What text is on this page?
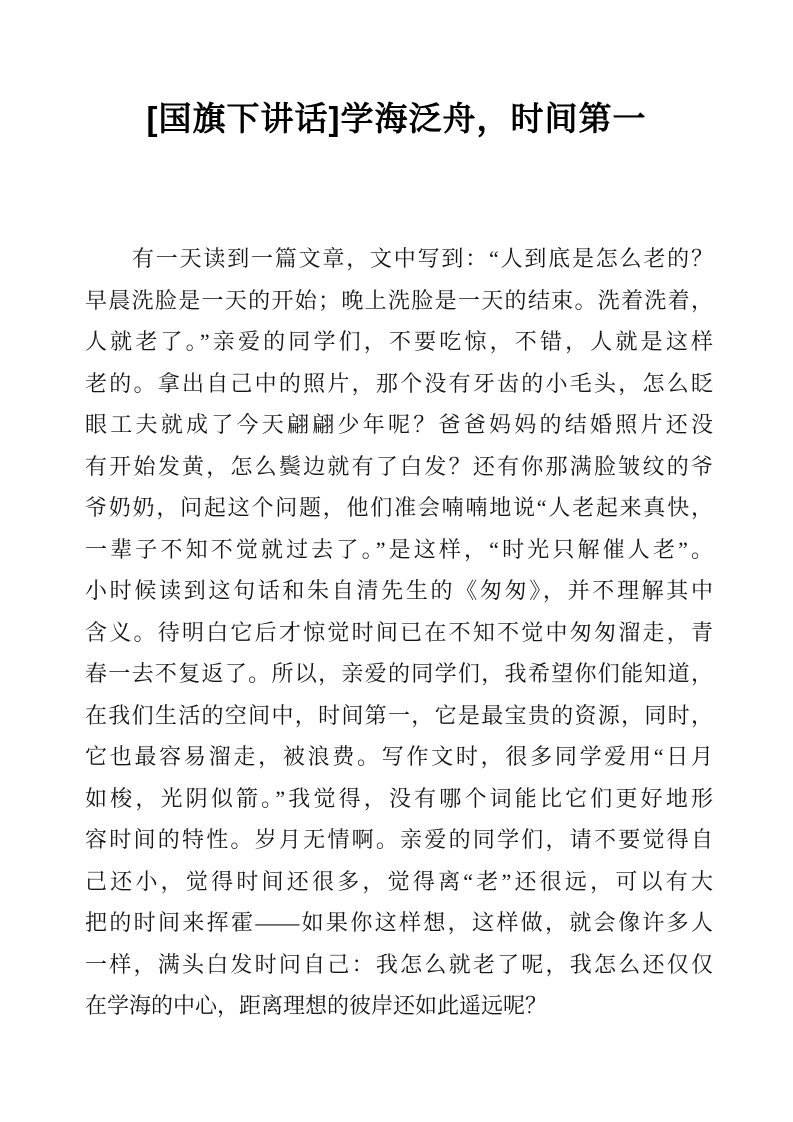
[国旗下讲话]学海泛舟，时间第一
有一天读到一篇文章，文中写到：“人到底是怎么老的？
早晨洗脸是一天的开始；晚上洗脸是一天的结束。洗着洗着，
人就老了。”亲爱的同学们，不要吃惊，不错，人就是这样
老的。拿出自己中的照片，那个没有牙齿的小毛头，怎么眨
眼工夫就成了今天翩翩少年呢？爸爸妈妈的结婚照片还没
有开始发黄，怎么鬓边就有了白发？还有你那满脸皱纹的爷
爷奶奶，问起这个问题，他们准会喃喃地说“人老起来真快，
一辈子不知不觉就过去了。”是这样，“时光只解催人老”。
小时候读到这句话和朱自清先生的《匆匆》，并不理解其中
含义。待明白它后才惊觉时间已在不知不觉中匆匆溜走，青
春一去不复返了。所以，亲爱的同学们，我希望你们能知道，
在我们生活的空间中，时间第一，它是最宝贵的资源，同时，
它也最容易溜走，被浪费。写作文时，很多同学爱用“日月
如梭，光阴似箭。”我觉得，没有哪个词能比它们更好地形
容时间的特性。岁月无情啊。亲爱的同学们，请不要觉得自
己还小，觉得时间还很多，觉得离“老”还很远，可以有大
把的时间来挥霍——如果你这样想，这样做，就会像许多人
一样，满头白发时问自己：我怎么就老了呢，我怎么还仅仅
在学海的中心，距离理想的彼岸还如此遥远呢？
